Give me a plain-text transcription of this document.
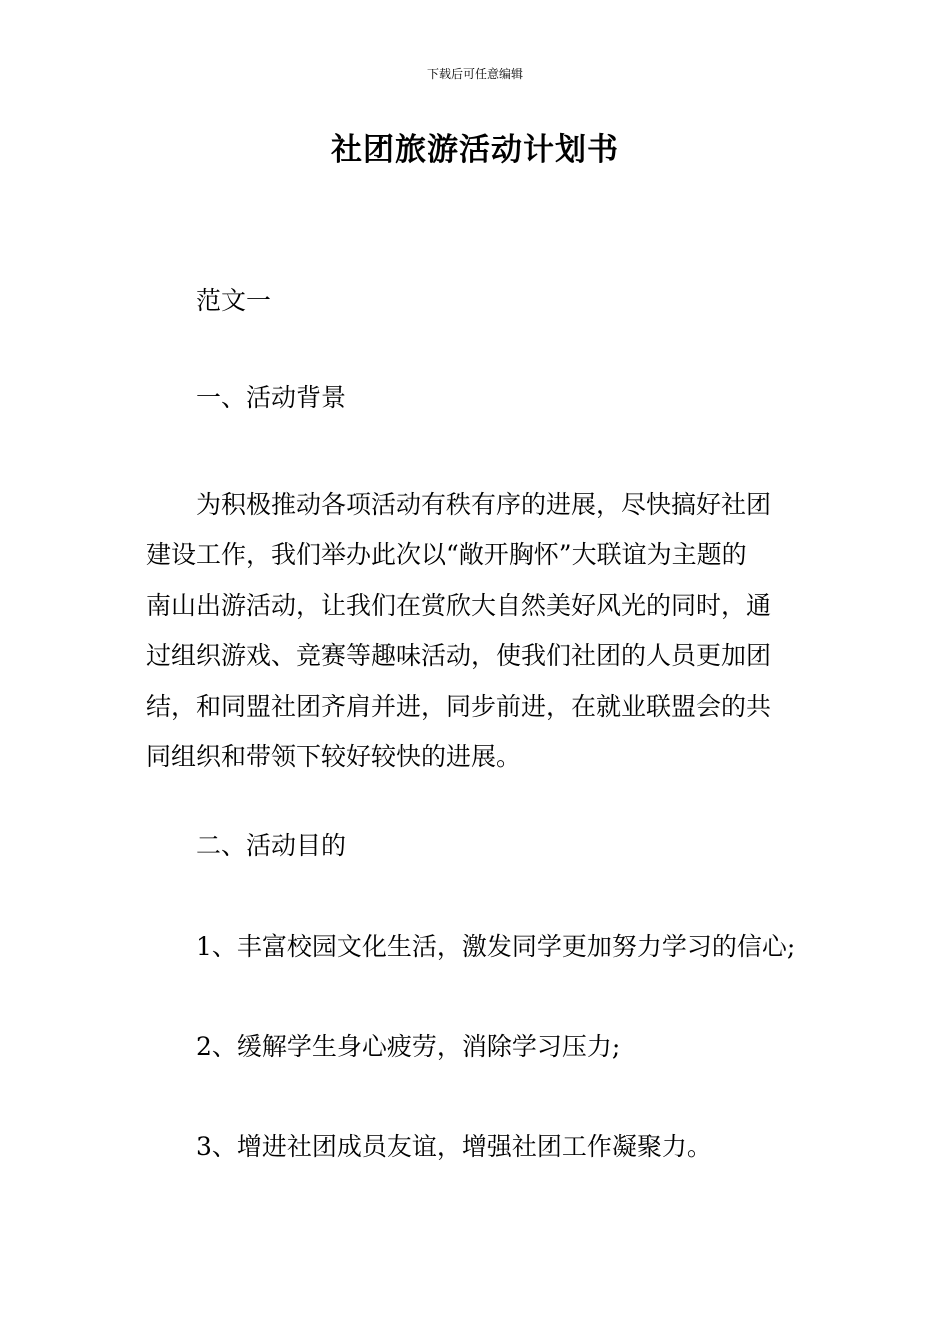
下载后可任意编辑
社团旅游活动计划书
范文一
一、活动背景
为积极推动各项活动有秩有序的进展，尽快搞好社团
建设工作，我们举办此次以“敞开胸怀”大联谊为主题的
南山出游活动，让我们在赏欣大自然美好风光的同时，通
过组织游戏、竞赛等趣味活动，使我们社团的人员更加团
结，和同盟社团齐肩并进，同步前进，在就业联盟会的共
同组织和带领下较好较快的进展。
二、活动目的
1、丰富校园文化生活，激发同学更加努力学习的信心;
2、缓解学生身心疲劳，消除学习压力;
3、增进社团成员友谊，增强社团工作凝聚力。
